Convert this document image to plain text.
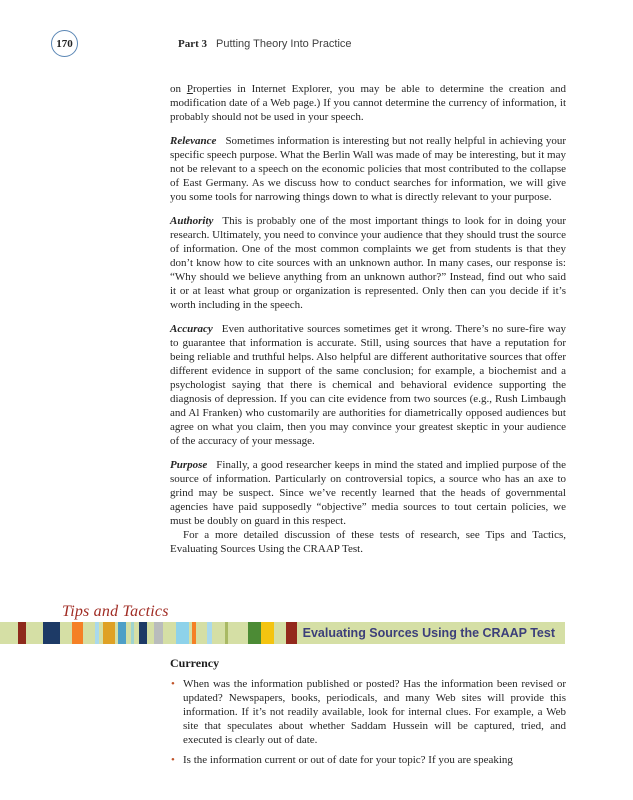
170	Part 3 Putting Theory Into Practice

on Properties in Internet Explorer, you may be able to determine the creation and modification date of a Web page.) If you cannot determine the currency of information, it probably should not be used in your speech.

Relevance Sometimes information is interesting but not really helpful in achieving your specific speech purpose. What the Berlin Wall was made of may be interesting, but it may not be relevant to a speech on the economic policies that most contributed to the collapse of East Germany. As we discuss how to conduct searches for information, we will give you some tools for narrowing things down to what is directly relevant to your purpose.

Authority This is probably one of the most important things to look for in doing your research. Ultimately, you need to convince your audience that they should trust the source of information. One of the most common complaints we get from students is that they don’t know how to cite sources with an unknown author. In many cases, our response is: “Why should we believe anything from an unknown author?” Instead, find out who said it or at least what group or organization is represented. Only then can you decide if it’s worth including in the speech.

Accuracy Even authoritative sources sometimes get it wrong. There’s no sure-fire way to guarantee that information is accurate. Still, using sources that have a reputation for being reliable and truthful helps. Also helpful are different authoritative sources that offer different evidence in support of the same conclusion; for example, a biochemist and a psychologist saying that there is chemical and behavioral evidence supporting the diagnosis of depression. If you can cite evidence from two sources (e.g., Rush Limbaugh and Al Franken) who customarily are authorities for diametrically opposed audiences but agree on what you claim, then you may convince your greatest skeptic in your audience of the accuracy of your message.

Purpose Finally, a good researcher keeps in mind the stated and implied purpose of the source of information. Particularly on controversial topics, a source who has an axe to grind may be suspect. Since we’ve recently learned that the heads of governmental agencies have paid supposedly “objective” media sources to tout certain policies, we must be doubly on guard in this respect.

For a more detailed discussion of these tests of research, see Tips and Tactics, Evaluating Sources Using the CRAAP Test.

Tips and Tactics
Evaluating Sources Using the CRAAP Test

Currency

• When was the information published or posted? Has the information been revised or updated? Newspapers, books, periodicals, and many Web sites will provide this information. If it’s not readily available, look for internal clues. For example, a Web site that speculates about whether Saddam Hussein will be captured, tried, and executed is clearly out of date.
• Is the information current or out of date for your topic? If you are speaking
